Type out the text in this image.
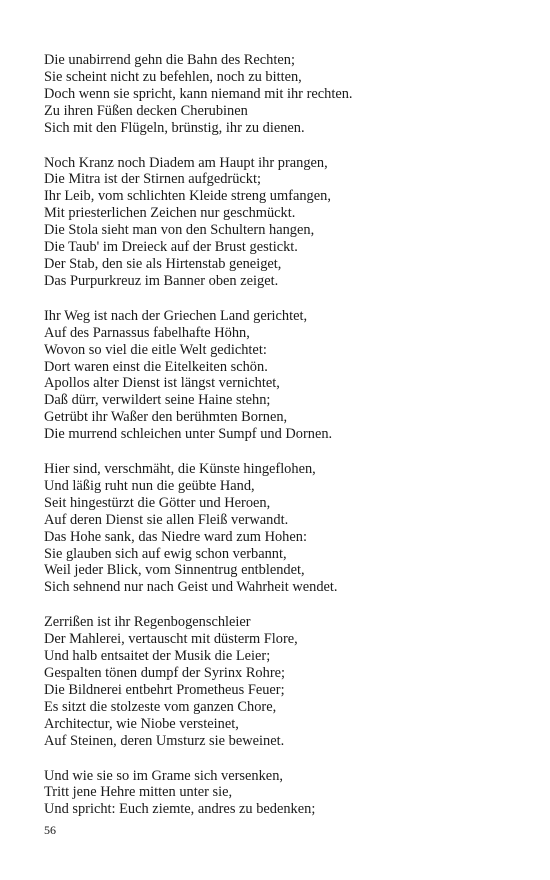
Die unabirrend gehn die Bahn des Rechten;
Sie scheint nicht zu befehlen, noch zu bitten,
Doch wenn sie spricht, kann niemand mit ihr rechten.
Zu ihren Füßen decken Cherubinen
Sich mit den Flügeln, brünstig, ihr zu dienen.
Noch Kranz noch Diadem am Haupt ihr prangen,
Die Mitra ist der Stirnen aufgedrückt;
Ihr Leib, vom schlichten Kleide streng umfangen,
Mit priesterlichen Zeichen nur geschmückt.
Die Stola sieht man von den Schultern hangen,
Die Taub' im Dreieck auf der Brust gestickt.
Der Stab, den sie als Hirtenstab geneiget,
Das Purpurkreuz im Banner oben zeiget.
Ihr Weg ist nach der Griechen Land gerichtet,
Auf des Parnassus fabelhafte Höhn,
Wovon so viel die eitle Welt gedichtet:
Dort waren einst die Eitelkeiten schön.
Apollos alter Dienst ist längst vernichtet,
Daß dürr, verwildert seine Haine stehn;
Getrübt ihr Waßer den berühmten Bornen,
Die murrend schleichen unter Sumpf und Dornen.
Hier sind, verschmäht, die Künste hingeflohen,
Und läßig ruht nun die geübte Hand,
Seit hingestürzt die Götter und Heroen,
Auf deren Dienst sie allen Fleiß verwandt.
Das Hohe sank, das Niedre ward zum Hohen:
Sie glauben sich auf ewig schon verbannt,
Weil jeder Blick, vom Sinnentrug entblendet,
Sich sehnend nur nach Geist und Wahrheit wendet.
Zerrißen ist ihr Regenbogenschleier
Der Mahlerei, vertauscht mit düsterm Flore,
Und halb entsaitet der Musik die Leier;
Gespalten tönen dumpf der Syrinx Rohre;
Die Bildnerei entbehrt Prometheus Feuer;
Es sitzt die stolzeste vom ganzen Chore,
Architectur, wie Niobe versteinet,
Auf Steinen, deren Umsturz sie beweinet.
Und wie sie so im Grame sich versenken,
Tritt jene Hehre mitten unter sie,
Und spricht: Euch ziemte, andres zu bedenken;
56
